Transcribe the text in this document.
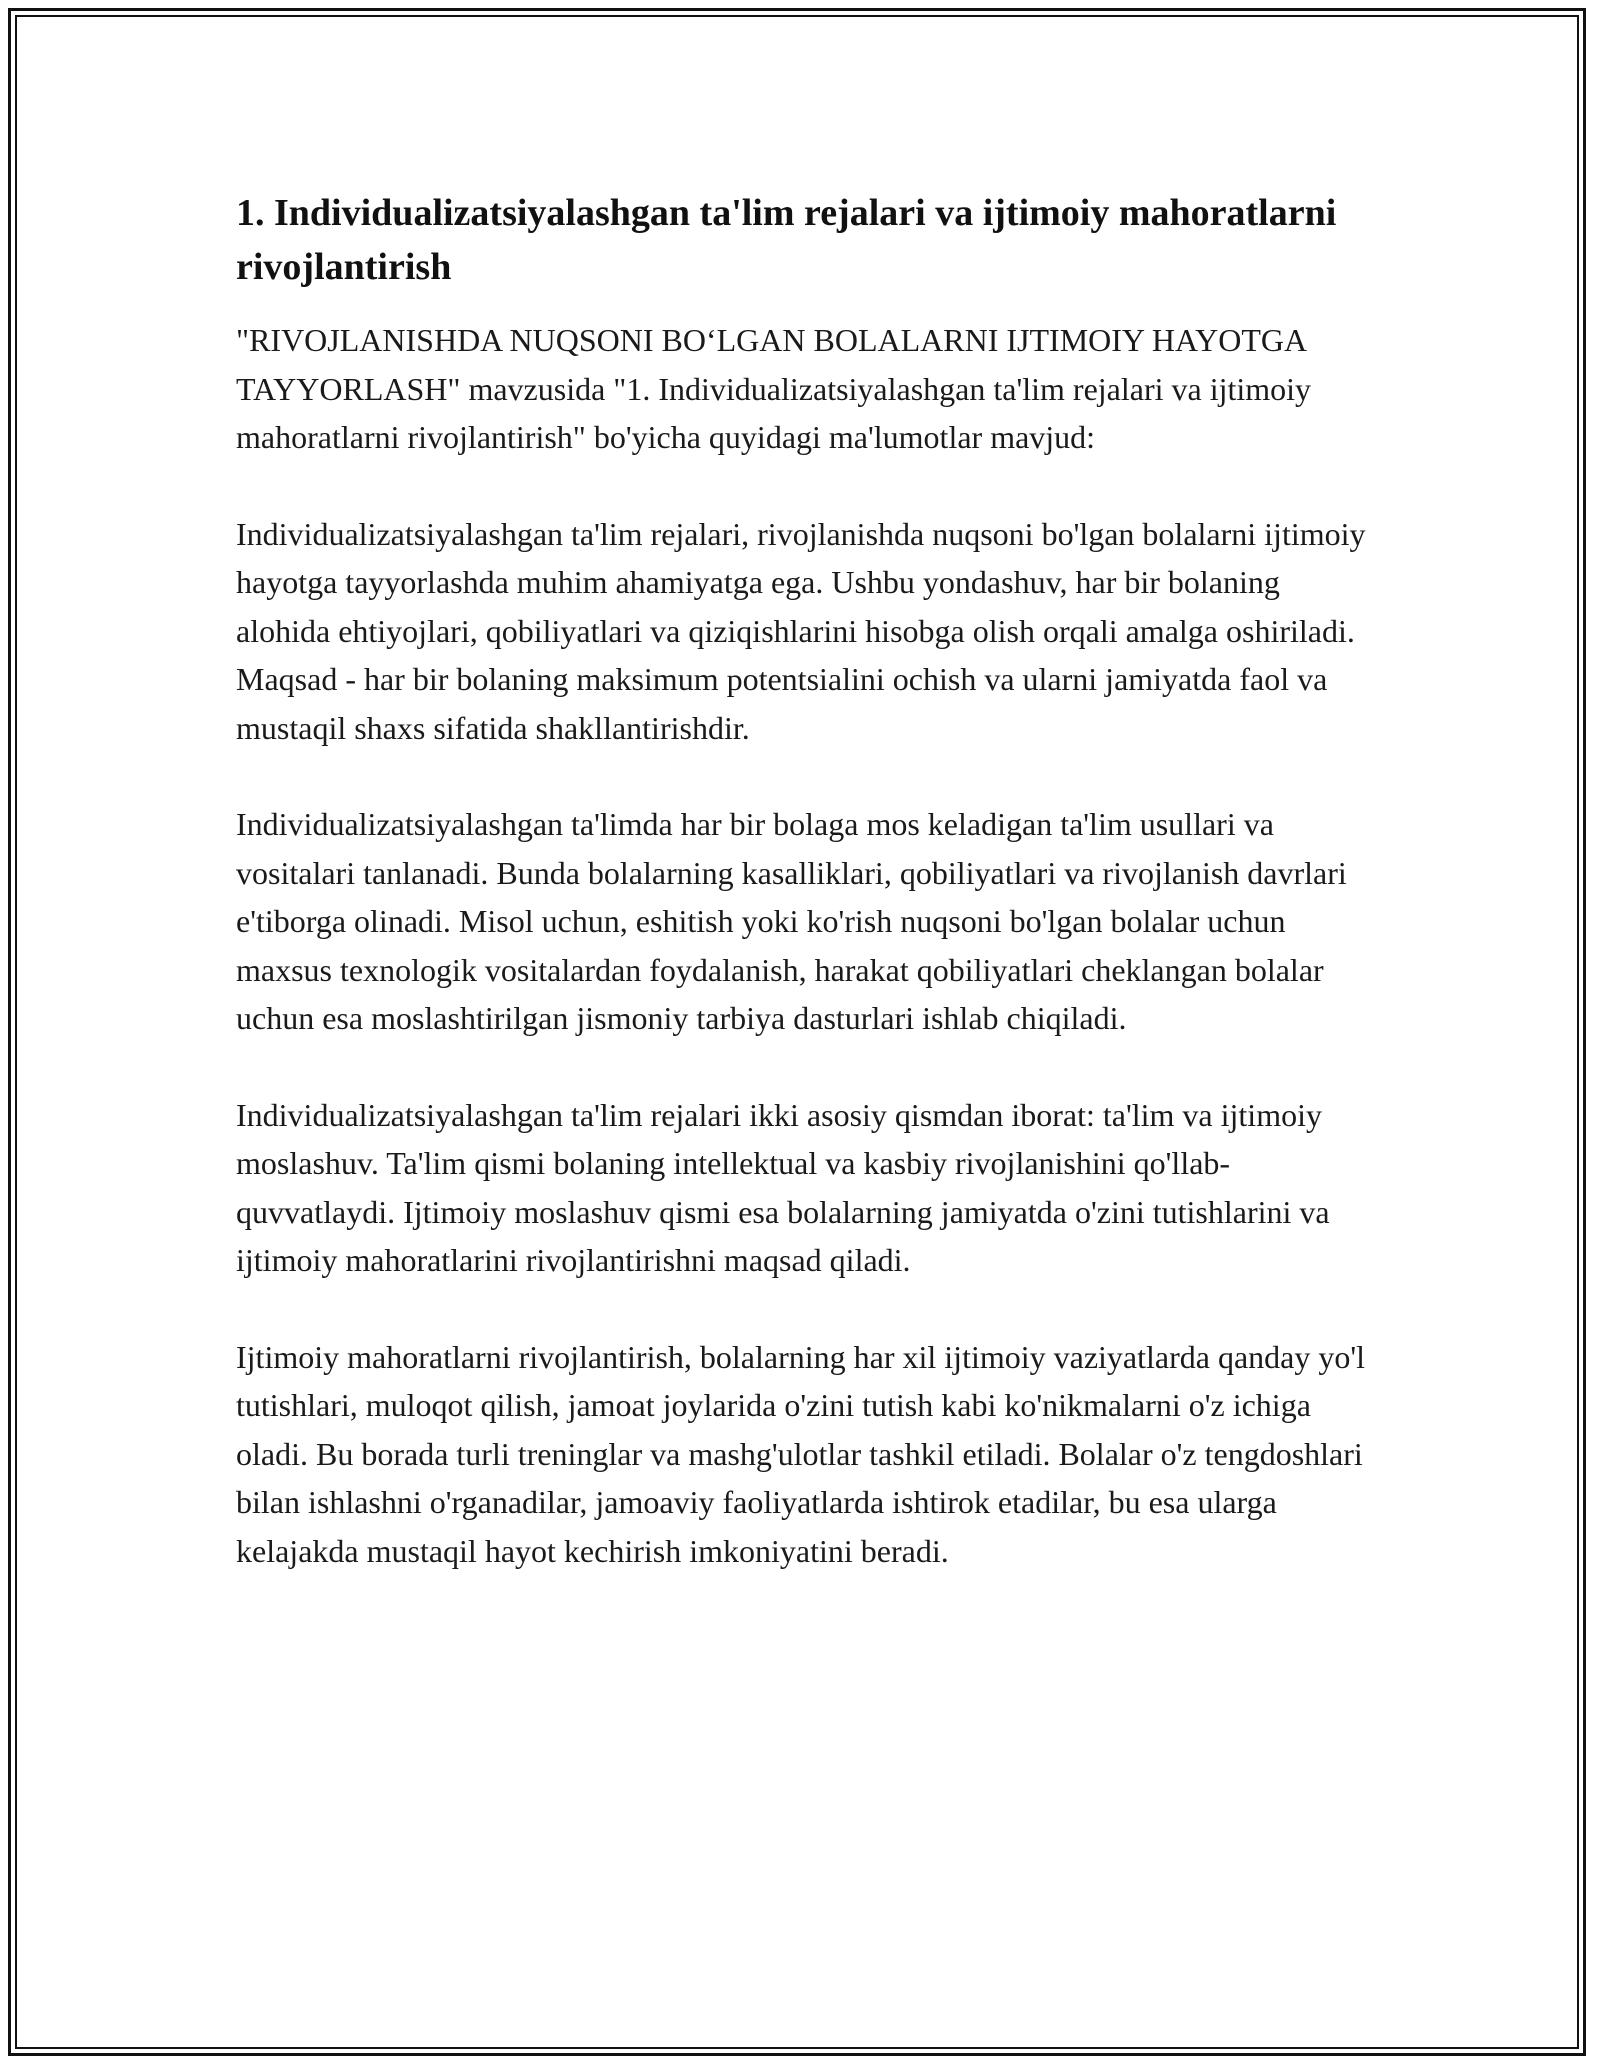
1. Individualizatsiyalashgan ta'lim rejalari va ijtimoiy mahoratlarni rivojlantirish

"RIVOJLANISHDA NUQSONI BO‘LGAN BOLALARNI IJTIMOIY HAYOTGA TAYYORLASH" mavzusida "1. Individualizatsiyalashgan ta'lim rejalari va ijtimoiy mahoratlarni rivojlantirish" bo'yicha quyidagi ma'lumotlar mavjud:

Individualizatsiyalashgan ta'lim rejalari, rivojlanishda nuqsoni bo'lgan bolalarni ijtimoiy hayotga tayyorlashda muhim ahamiyatga ega. Ushbu yondashuv, har bir bolaning alohida ehtiyojlari, qobiliyatlari va qiziqishlarini hisobga olish orqali amalga oshiriladi. Maqsad - har bir bolaning maksimum potentsialini ochish va ularni jamiyatda faol va mustaqil shaxs sifatida shakllantirishdir.

Individualizatsiyalashgan ta'limda har bir bolaga mos keladigan ta'lim usullari va vositalari tanlanadi. Bunda bolalarning kasalliklari, qobiliyatlari va rivojlanish davrlari e'tiborga olinadi. Misol uchun, eshitish yoki ko'rish nuqsoni bo'lgan bolalar uchun maxsus texnologik vositalardan foydalanish, harakat qobiliyatlari cheklangan bolalar uchun esa moslashtirilgan jismoniy tarbiya dasturlari ishlab chiqiladi.

Individualizatsiyalashgan ta'lim rejalari ikki asosiy qismdan iborat: ta'lim va ijtimoiy moslashuv. Ta'lim qismi bolaning intellektual va kasbiy rivojlanishini qo'llab-quvvatlaydi. Ijtimoiy moslashuv qismi esa bolalarning jamiyatda o'zini tutishlarini va ijtimoiy mahoratlarini rivojlantirishni maqsad qiladi.

Ijtimoiy mahoratlarni rivojlantirish, bolalarning har xil ijtimoiy vaziyatlarda qanday yo'l tutishlari, muloqot qilish, jamoat joylarida o'zini tutish kabi ko'nikmalarni o'z ichiga oladi. Bu borada turli treninglar va mashg'ulotlar tashkil etiladi. Bolalar o'z tengdoshlari bilan ishlashni o'rganadilar, jamoaviy faoliyatlarda ishtirok etadilar, bu esa ularga kelajakda mustaqil hayot kechirish imkoniyatini beradi.
